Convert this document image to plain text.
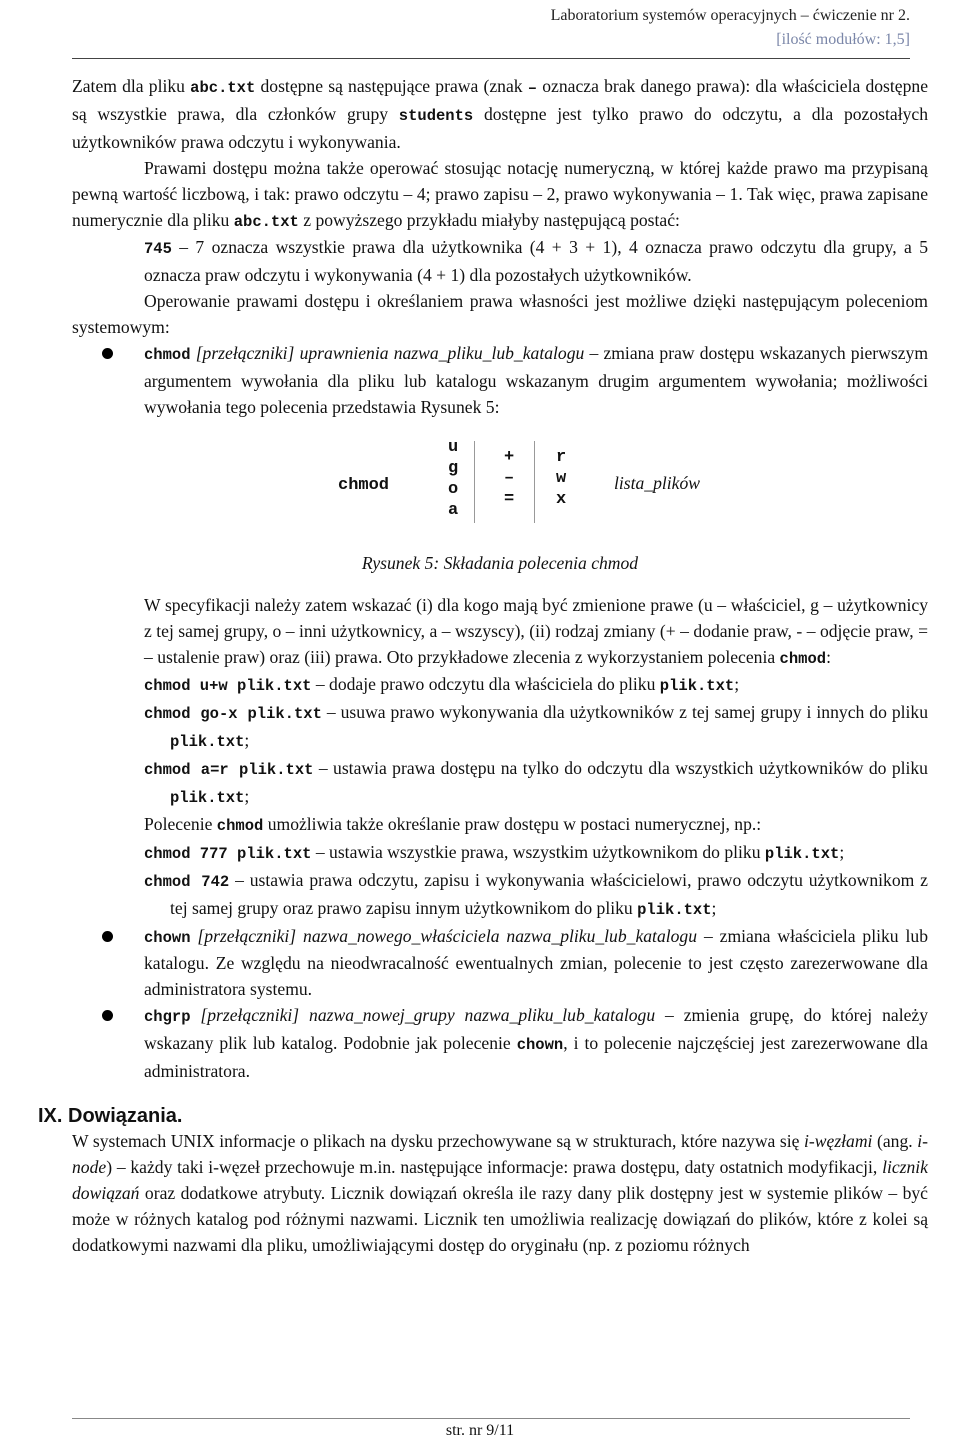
Laboratorium systemów operacyjnych – ćwiczenie nr 2.
[ilość modułów: 1,5]

Zatem dla pliku abc.txt dostępne są następujące prawa (znak – oznacza brak danego prawa): dla właściciela dostępne są wszystkie prawa, dla członków grupy students dostępne jest tylko prawo do odczytu, a dla pozostałych użytkowników prawa odczytu i wykonywania.

Prawami dostępu można także operować stosując notację numeryczną, w której każde prawo ma przypisaną pewną wartość liczbową, i tak: prawo odczytu – 4; prawo zapisu – 2, prawo wykonywania – 1. Tak więc, prawa zapisane numerycznie dla pliku abc.txt z powyższego przykładu miałyby następującą postać:

745 – 7 oznacza wszystkie prawa dla użytkownika (4 + 3 + 1), 4 oznacza prawo odczytu dla grupy, a 5 oznacza praw odczytu i wykonywania (4 + 1) dla pozostałych użytkowników.

Operowanie prawami dostępu i określaniem prawa własności jest możliwe dzięki następującym poleceniom systemowym:

chmod [przełączniki] uprawnienia nazwa_pliku_lub_katalogu – zmiana praw dostępu wskazanych pierwszym argumentem wywołania dla pliku lub katalogu wskazanym drugim argumentem wywołania; możliwości wywołania tego polecenia przedstawia Rysunek 5:
chmod
u
g
o
a
+
–
=
r
w
x
lista_plików

Rysunek 5: Składania polecenia chmod

W specyfikacji należy zatem wskazać (i) dla kogo mają być zmienione prawe (u – właściciel, g – użytkownicy z tej samej grupy, o – inni użytkownicy, a – wszyscy), (ii) rodzaj zmiany (+ – dodanie praw, - – odjęcie praw, = – ustalenie praw) oraz (iii) prawa. Oto przykładowe zlecenia z wykorzystaniem polecenia chmod:

chmod u+w plik.txt – dodaje prawo odczytu dla właściciela do pliku plik.txt;

chmod go-x plik.txt – usuwa prawo wykonywania dla użytkowników z tej samej grupy i innych do pliku plik.txt;

chmod a=r plik.txt – ustawia prawa dostępu na tylko do odczytu dla wszystkich użytkowników do pliku plik.txt;

Polecenie chmod umożliwia także określanie praw dostępu w postaci numerycznej, np.:

chmod 777 plik.txt – ustawia wszystkie prawa, wszystkim użytkownikom do pliku plik.txt;

chmod 742 – ustawia prawa odczytu, zapisu i wykonywania właścicielowi, prawo odczytu użytkownikom z tej samej grupy oraz prawo zapisu innym użytkownikom do pliku plik.txt;

chown [przełączniki] nazwa_nowego_właściciela nazwa_pliku_lub_katalogu – zmiana właściciela pliku lub katalogu. Ze względu na nieodwracalność ewentualnych zmian, polecenie to jest często zarezerwowane dla administratora systemu.
chgrp [przełączniki] nazwa_nowej_grupy nazwa_pliku_lub_katalogu – zmienia grupę, do której należy wskazany plik lub katalog. Podobnie jak polecenie chown, i to polecenie najczęściej jest zarezerwowane dla administratora.
IX. Dowiązania.

W systemach UNIX informacje o plikach na dysku przechowywane są w strukturach, które nazywa się i-węzłami (ang. i-node) – każdy taki i-węzeł przechowuje m.in. następujące informacje: prawa dostępu, daty ostatnich modyfikacji, licznik dowiązań oraz dodatkowe atrybuty. Licznik dowiązań określa ile razy dany plik dostępny jest w systemie plików – być może w różnych katalog pod różnymi nazwami. Licznik ten umożliwia realizację dowiązań do plików, które z kolei są dodatkowymi nazwami dla pliku, umożliwiającymi dostęp do oryginału (np. z poziomu różnych

str. nr 9/11
